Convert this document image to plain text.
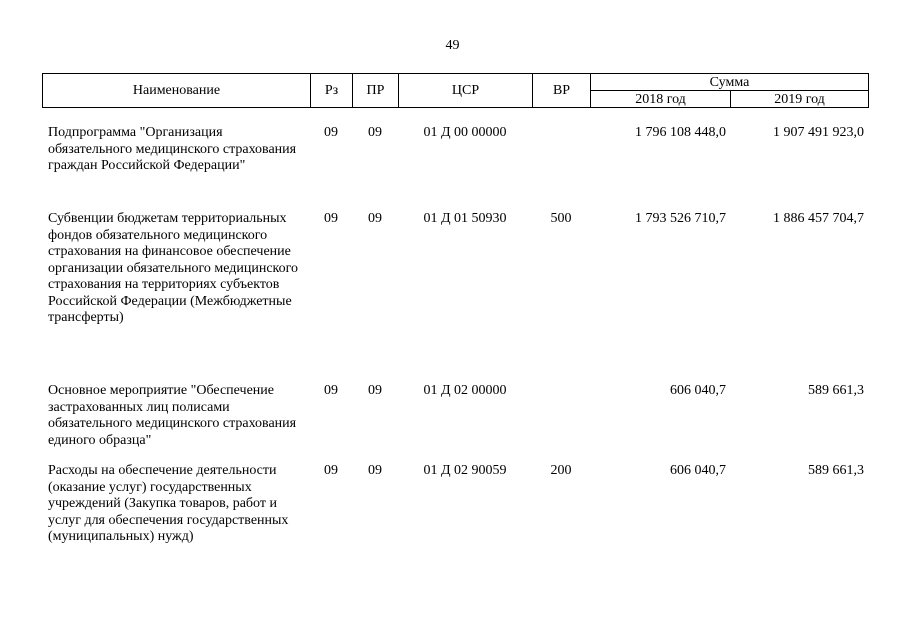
49
Наименование	Рз	ПР	ЦСР	ВР	Сумма	
					2018 год	2019 год
Подпрограмма "Организация обязательного медицинского страхования граждан Российской Федерации"	09	09	01 Д 00 00000		1 796 108 448,0	1 907 491 923,0
Субвенции бюджетам территориальных фондов обязательного медицинского страхования на финансовое обеспечение организации обязательного медицинского страхования на территориях субъектов Российской Федерации (Межбюджетные трансферты)	09	09	01 Д 01 50930	500	1 793 526 710,7	1 886 457 704,7
Основное мероприятие "Обеспечение застрахованных лиц полисами обязательного медицинского страхования единого образца"	09	09	01 Д 02 00000		606 040,7	589 661,3
Расходы на обеспечение деятельности (оказание услуг) государственных учреждений (Закупка товаров, работ и услуг для обеспечения государственных (муниципальных) нужд)	09	09	01 Д 02 90059	200	606 040,7	589 661,3
